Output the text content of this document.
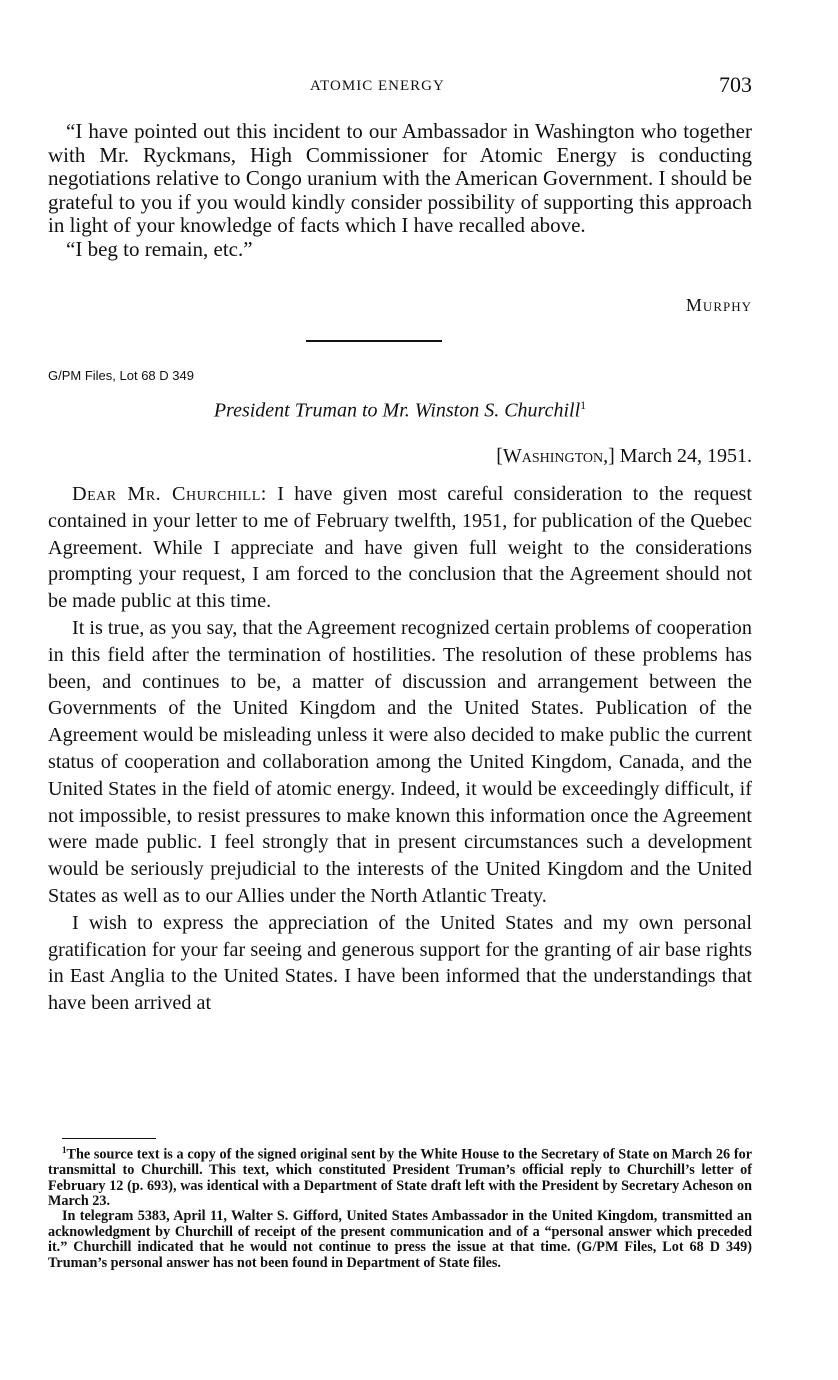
ATOMIC ENERGY	703

“I have pointed out this incident to our Ambassador in Washington who together with Mr. Ryckmans, High Commissioner for Atomic Energy is conducting negotiations relative to Congo uranium with the American Government. I should be grateful to you if you would kindly consider possibility of supporting this approach in light of your knowledge of facts which I have recalled above.

“I beg to remain, etc.”

Murphy
G/PM Files, Lot 68 D 349
President Truman to Mr. Winston S. Churchill$^1$
[Washington,] March 24, 1951.

Dear Mr. Churchill: I have given most careful consideration to the request contained in your letter to me of February twelfth, 1951, for publication of the Quebec Agreement. While I appreciate and have given full weight to the considerations prompting your request, I am forced to the conclusion that the Agreement should not be made public at this time.

It is true, as you say, that the Agreement recognized certain problems of cooperation in this field after the termination of hostilities. The resolution of these problems has been, and continues to be, a matter of discussion and arrangement between the Governments of the United Kingdom and the United States. Publication of the Agreement would be misleading unless it were also decided to make public the current status of cooperation and collaboration among the United Kingdom, Canada, and the United States in the field of atomic energy. Indeed, it would be exceedingly difficult, if not impossible, to resist pressures to make known this information once the Agreement were made public. I feel strongly that in present circumstances such a development would be seriously prejudicial to the interests of the United Kingdom and the United States as well as to our Allies under the North Atlantic Treaty.

I wish to express the appreciation of the United States and my own personal gratification for your far seeing and generous support for the granting of air base rights in East Anglia to the United States. I have been informed that the understandings that have been arrived at

$^1$The source text is a copy of the signed original sent by the White House to the Secretary of State on March 26 for transmittal to Churchill. This text, which constituted President Truman’s official reply to Churchill’s letter of February 12 (p. 693), was identical with a Department of State draft left with the President by Secretary Acheson on March 23.

In telegram 5383, April 11, Walter S. Gifford, United States Ambassador in the United Kingdom, transmitted an acknowledgment by Churchill of receipt of the present communication and of a “personal answer which preceded it.” Churchill indicated that he would not continue to press the issue at that time. (G/PM Files, Lot 68 D 349) Truman’s personal answer has not been found in Department of State files.
